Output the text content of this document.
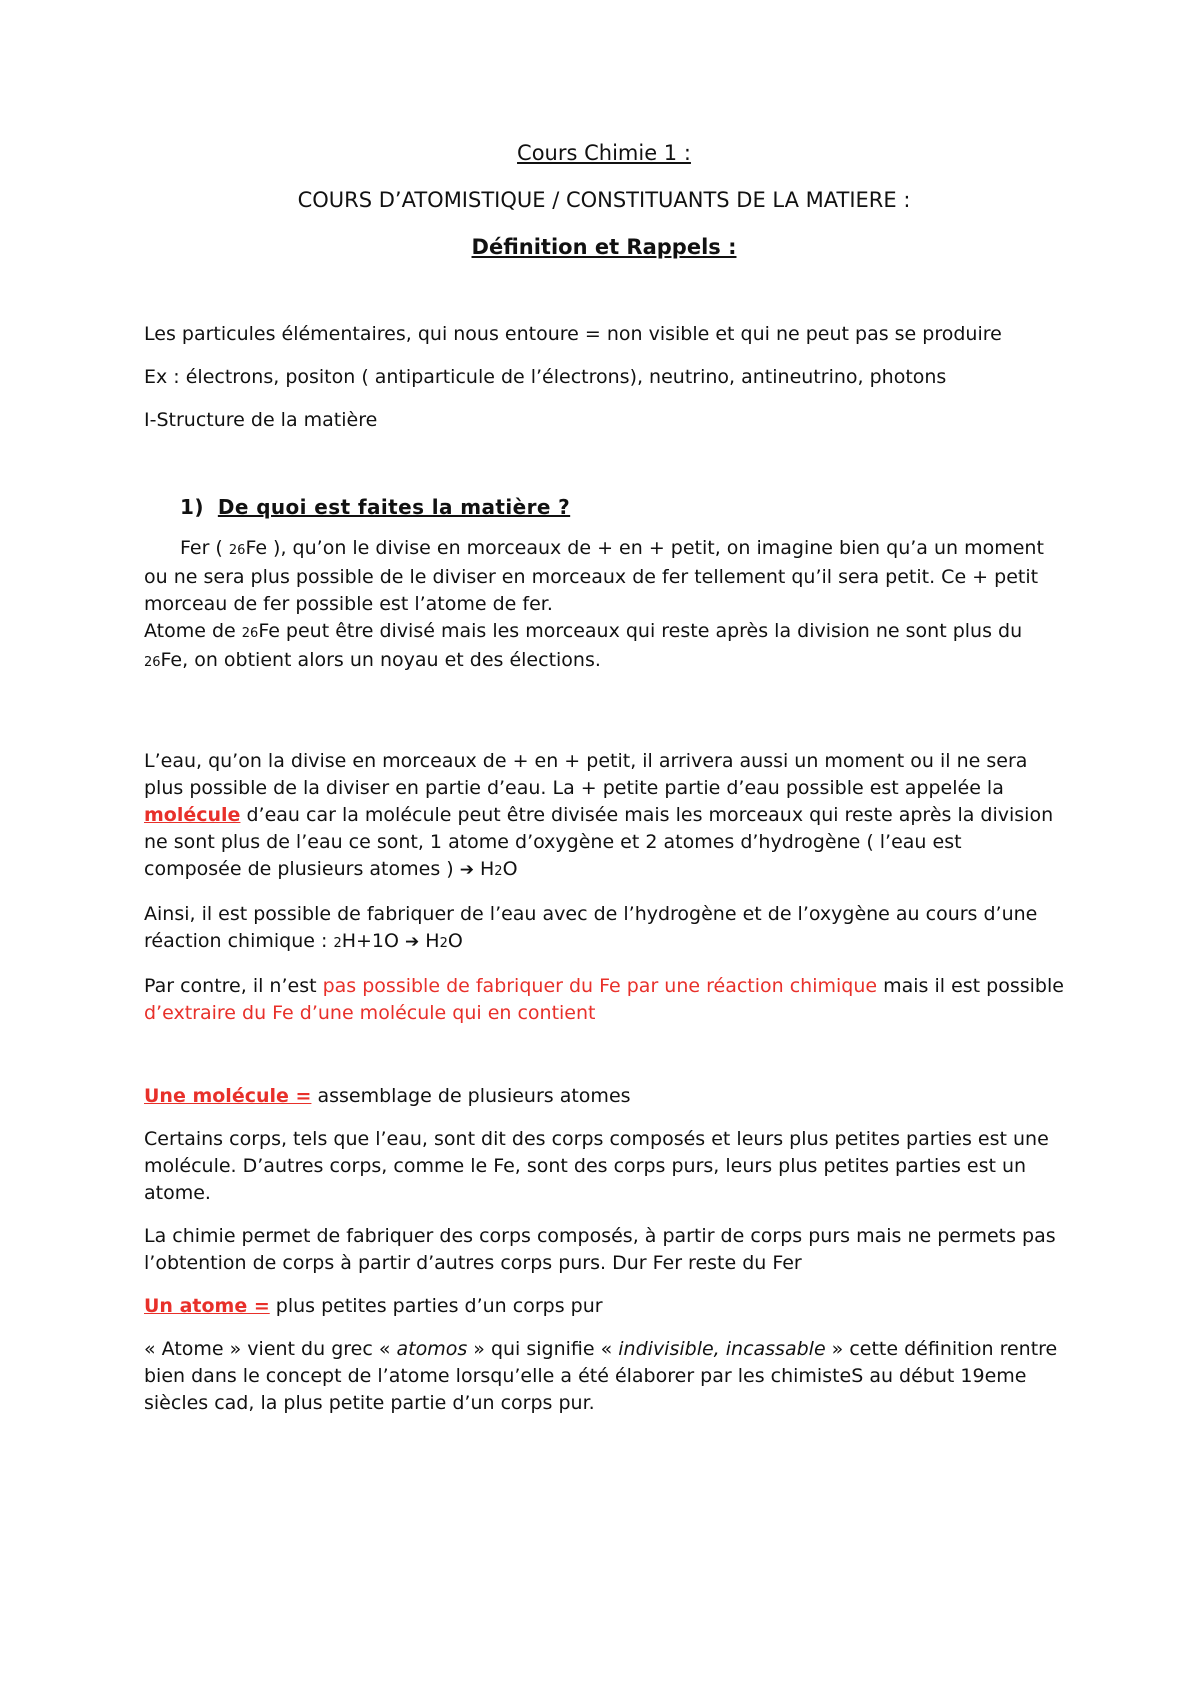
Cours Chimie 1 :
COURS D’ATOMISTIQUE / CONSTITUANTS DE LA MATIERE :
Définition et Rappels :

Les particules élémentaires, qui nous entoure = non visible et qui ne peut pas se produire

Ex : électrons, positon ( antiparticule de l’électrons), neutrino, antineutrino, photons

I-Structure de la matière

1) De quoi est faites la matière ?

Fer ( 26Fe ), qu’on le divise en morceaux de + en + petit, on imagine bien qu’a un moment ou ne sera plus possible de le diviser en morceaux de fer tellement qu’il sera petit. Ce + petit morceau de fer possible est l’atome de fer.

Atome de 26Fe peut être divisé mais les morceaux qui reste après la division ne sont plus du 26Fe, on obtient alors un noyau et des élections.

L’eau, qu’on la divise en morceaux de + en + petit, il arrivera aussi un moment ou il ne sera plus possible de la diviser en partie d’eau. La + petite partie d’eau possible est appelée la molécule d’eau car la molécule peut être divisée mais les morceaux qui reste après la division ne sont plus de l’eau ce sont, 1 atome d’oxygène et 2 atomes d’hydrogène ( l’eau est composée de plusieurs atomes ) ➔ H2O

Ainsi, il est possible de fabriquer de l’eau avec de l’hydrogène et de l’oxygène au cours d’une réaction chimique : 2H+1O ➔ H2O

Par contre, il n’est pas possible de fabriquer du Fe par une réaction chimique mais il est possible d’extraire du Fe d’une molécule qui en contient

Une molécule = assemblage de plusieurs atomes

Certains corps, tels que l’eau, sont dit des corps composés et leurs plus petites parties est une molécule. D’autres corps, comme le Fe, sont des corps purs, leurs plus petites parties est un atome.

La chimie permet de fabriquer des corps composés, à partir de corps purs mais ne permets pas l’obtention de corps à partir d’autres corps purs. Dur Fer reste du Fer

Un atome = plus petites parties d’un corps pur

« Atome » vient du grec « atomos » qui signifie « indivisible, incassable » cette définition rentre bien dans le concept de l’atome lorsqu’elle a été élaborer par les chimisteS au début 19eme siècles cad, la plus petite partie d’un corps pur.
